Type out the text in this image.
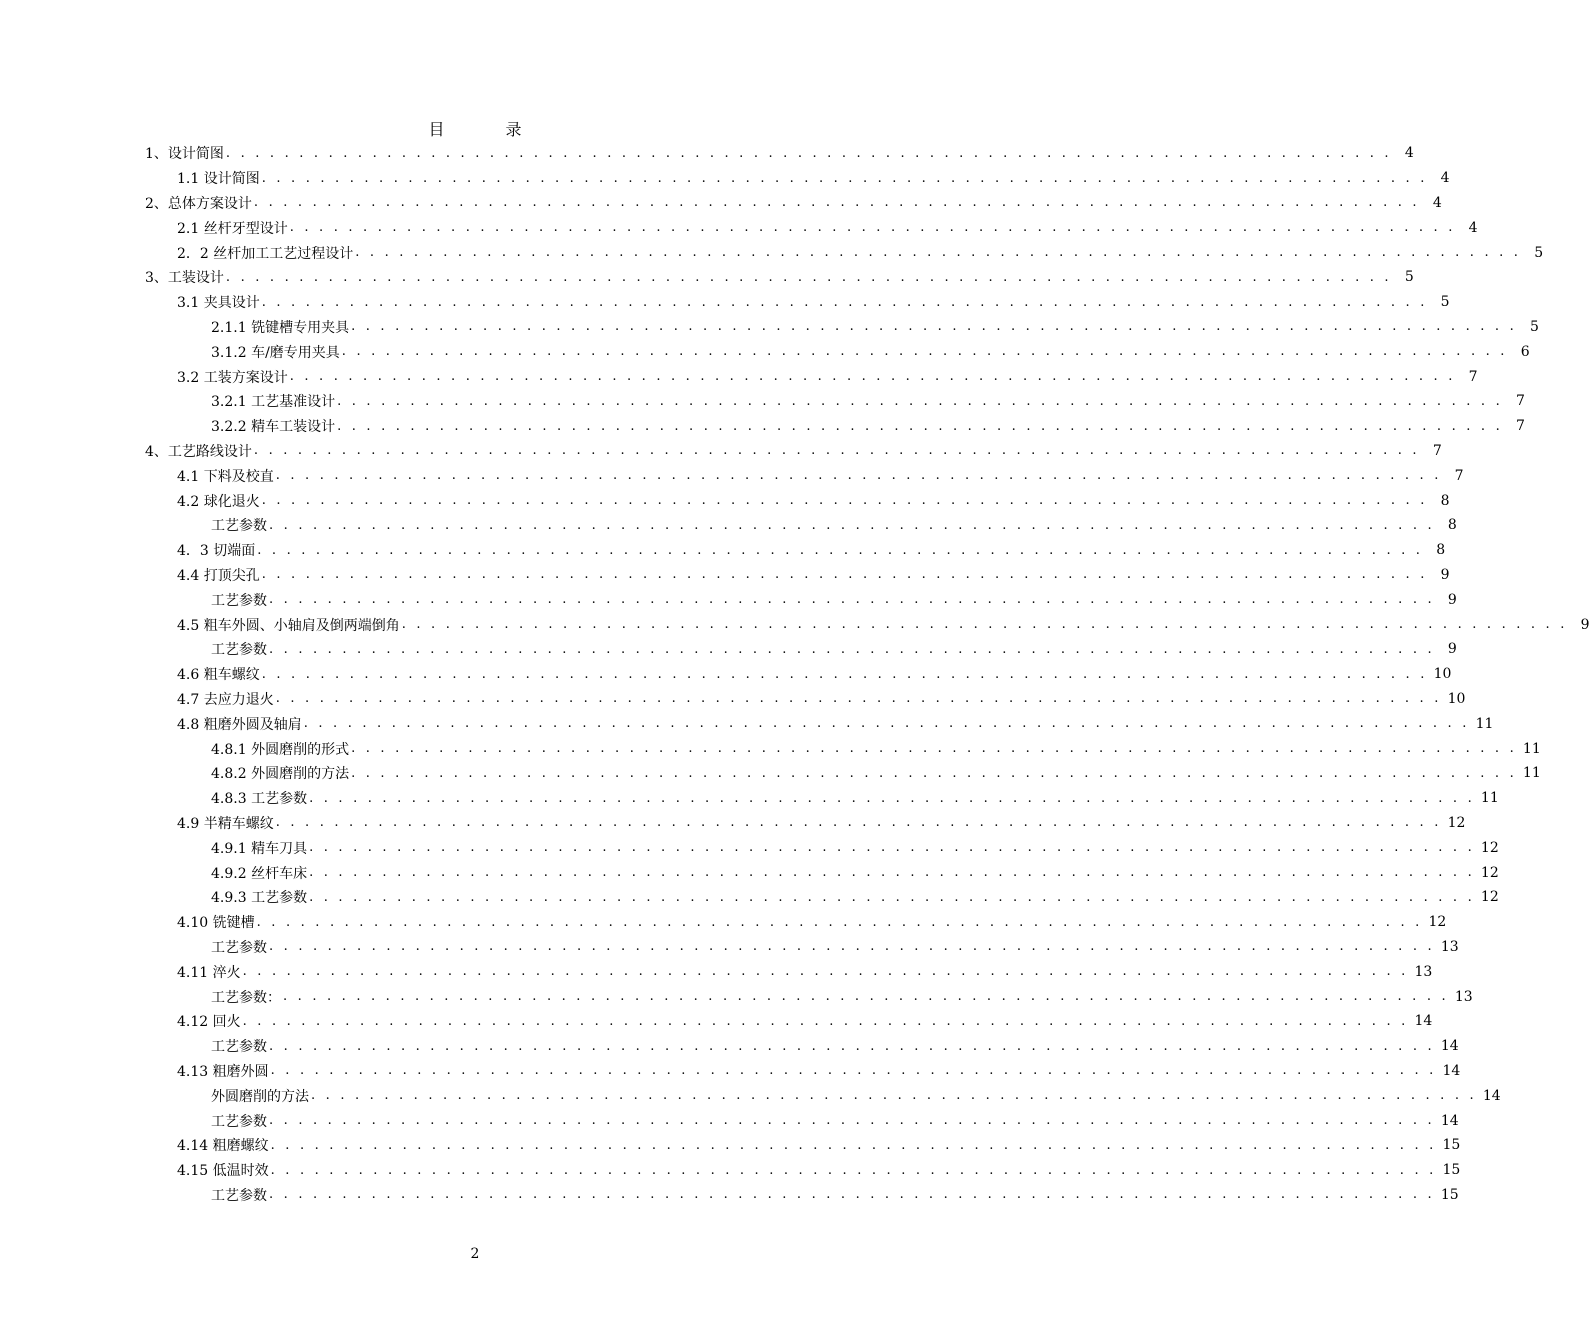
目 录
1、设计简图 . . . . . . . . . . . . . . . . . . . . . . . . . . . . . . . . . . . . . . . . . . . . . . . . . . . . . . . . . . . . . . . . . . . . . . . . . . . . . . . . 4
1.1 设计简图 . . . . . . . . . . . . . . . . . . . . . . . . . . . . . . . . . . . . . . . . . . . . . . . . . . . . . . . . . . . . . . . . . . . . . . . . . . . . . . . . 4
2、总体方案设计 . . . . . . . . . . . . . . . . . . . . . . . . . . . . . . . . . . . . . . . . . . . . . . . . . . . . . . . . . . . . . . . . . . . . . . . . . . . . . . . . 4
2.1 丝杆牙型设计 . . . . . . . . . . . . . . . . . . . . . . . . . . . . . . . . . . . . . . . . . . . . . . . . . . . . . . . . . . . . . . . . . . . . . . . . . . . . . . . . 4
2．2 丝杆加工工艺过程设计 . . . . . . . . . . . . . . . . . . . . . . . . . . . . . . . . . . . . . . . . . . . . . . . . . . . . . . . . . . . . . . . . . . . . . . . . . . . . . . . . 5
3、工装设计 . . . . . . . . . . . . . . . . . . . . . . . . . . . . . . . . . . . . . . . . . . . . . . . . . . . . . . . . . . . . . . . . . . . . . . . . . . . . . . . . 5
3.1 夹具设计 . . . . . . . . . . . . . . . . . . . . . . . . . . . . . . . . . . . . . . . . . . . . . . . . . . . . . . . . . . . . . . . . . . . . . . . . . . . . . . . . 5
2.1.1 铣键槽专用夹具 . . . . . . . . . . . . . . . . . . . . . . . . . . . . . . . . . . . . . . . . . . . . . . . . . . . . . . . . . . . . . . . . . . . . . . . . . . . . . . . . 5
3.1.2 车/磨专用夹具 . . . . . . . . . . . . . . . . . . . . . . . . . . . . . . . . . . . . . . . . . . . . . . . . . . . . . . . . . . . . . . . . . . . . . . . . . . . . . . . . 6
3.2 工装方案设计 . . . . . . . . . . . . . . . . . . . . . . . . . . . . . . . . . . . . . . . . . . . . . . . . . . . . . . . . . . . . . . . . . . . . . . . . . . . . . . . . 7
3.2.1 工艺基准设计 . . . . . . . . . . . . . . . . . . . . . . . . . . . . . . . . . . . . . . . . . . . . . . . . . . . . . . . . . . . . . . . . . . . . . . . . . . . . . . . . 7
3.2.2 精车工装设计 . . . . . . . . . . . . . . . . . . . . . . . . . . . . . . . . . . . . . . . . . . . . . . . . . . . . . . . . . . . . . . . . . . . . . . . . . . . . . . . . 7
4、工艺路线设计 . . . . . . . . . . . . . . . . . . . . . . . . . . . . . . . . . . . . . . . . . . . . . . . . . . . . . . . . . . . . . . . . . . . . . . . . . . . . . . . . 7
4.1 下料及校直 . . . . . . . . . . . . . . . . . . . . . . . . . . . . . . . . . . . . . . . . . . . . . . . . . . . . . . . . . . . . . . . . . . . . . . . . . . . . . . . . 7
4.2 球化退火 . . . . . . . . . . . . . . . . . . . . . . . . . . . . . . . . . . . . . . . . . . . . . . . . . . . . . . . . . . . . . . . . . . . . . . . . . . . . . . . . 8
工艺参数 . . . . . . . . . . . . . . . . . . . . . . . . . . . . . . . . . . . . . . . . . . . . . . . . . . . . . . . . . . . . . . . . . . . . . . . . . . . . . . . . 8
4．3 切端面 . . . . . . . . . . . . . . . . . . . . . . . . . . . . . . . . . . . . . . . . . . . . . . . . . . . . . . . . . . . . . . . . . . . . . . . . . . . . . . . . 8
4.4 打顶尖孔 . . . . . . . . . . . . . . . . . . . . . . . . . . . . . . . . . . . . . . . . . . . . . . . . . . . . . . . . . . . . . . . . . . . . . . . . . . . . . . . . 9
工艺参数 . . . . . . . . . . . . . . . . . . . . . . . . . . . . . . . . . . . . . . . . . . . . . . . . . . . . . . . . . . . . . . . . . . . . . . . . . . . . . . . . 9
4.5 粗车外圆、小轴肩及倒两端倒角 . . . . . . . . . . . . . . . . . . . . . . . . . . . . . . . . . . . . . . . . . . . . . . . . . . . . . . . . . . . . . . . . . . . . . . . . . . . . . . . . 9
工艺参数 . . . . . . . . . . . . . . . . . . . . . . . . . . . . . . . . . . . . . . . . . . . . . . . . . . . . . . . . . . . . . . . . . . . . . . . . . . . . . . . . 9
4.6 粗车螺纹 . . . . . . . . . . . . . . . . . . . . . . . . . . . . . . . . . . . . . . . . . . . . . . . . . . . . . . . . . . . . . . . . . . . . . . . . . . . . . . . . 10
4.7 去应力退火 . . . . . . . . . . . . . . . . . . . . . . . . . . . . . . . . . . . . . . . . . . . . . . . . . . . . . . . . . . . . . . . . . . . . . . . . . . . . . . . . 10
4.8 粗磨外圆及轴肩 . . . . . . . . . . . . . . . . . . . . . . . . . . . . . . . . . . . . . . . . . . . . . . . . . . . . . . . . . . . . . . . . . . . . . . . . . . . . . . . . 11
4.8.1 外圆磨削的形式 . . . . . . . . . . . . . . . . . . . . . . . . . . . . . . . . . . . . . . . . . . . . . . . . . . . . . . . . . . . . . . . . . . . . . . . . . . . . . . . . 11
4.8.2 外圆磨削的方法 . . . . . . . . . . . . . . . . . . . . . . . . . . . . . . . . . . . . . . . . . . . . . . . . . . . . . . . . . . . . . . . . . . . . . . . . . . . . . . . . 11
4.8.3 工艺参数 . . . . . . . . . . . . . . . . . . . . . . . . . . . . . . . . . . . . . . . . . . . . . . . . . . . . . . . . . . . . . . . . . . . . . . . . . . . . . . . . 11
4.9 半精车螺纹 . . . . . . . . . . . . . . . . . . . . . . . . . . . . . . . . . . . . . . . . . . . . . . . . . . . . . . . . . . . . . . . . . . . . . . . . . . . . . . . . 12
4.9.1 精车刀具 . . . . . . . . . . . . . . . . . . . . . . . . . . . . . . . . . . . . . . . . . . . . . . . . . . . . . . . . . . . . . . . . . . . . . . . . . . . . . . . . 12
4.9.2 丝杆车床 . . . . . . . . . . . . . . . . . . . . . . . . . . . . . . . . . . . . . . . . . . . . . . . . . . . . . . . . . . . . . . . . . . . . . . . . . . . . . . . . 12
4.9.3 工艺参数 . . . . . . . . . . . . . . . . . . . . . . . . . . . . . . . . . . . . . . . . . . . . . . . . . . . . . . . . . . . . . . . . . . . . . . . . . . . . . . . . 12
4.10 铣键槽 . . . . . . . . . . . . . . . . . . . . . . . . . . . . . . . . . . . . . . . . . . . . . . . . . . . . . . . . . . . . . . . . . . . . . . . . . . . . . . . . 12
工艺参数 . . . . . . . . . . . . . . . . . . . . . . . . . . . . . . . . . . . . . . . . . . . . . . . . . . . . . . . . . . . . . . . . . . . . . . . . . . . . . . . . 13
4.11 淬火 . . . . . . . . . . . . . . . . . . . . . . . . . . . . . . . . . . . . . . . . . . . . . . . . . . . . . . . . . . . . . . . . . . . . . . . . . . . . . . . . 13
工艺参数： . . . . . . . . . . . . . . . . . . . . . . . . . . . . . . . . . . . . . . . . . . . . . . . . . . . . . . . . . . . . . . . . . . . . . . . . . . . . . . . . 13
4.12 回火 . . . . . . . . . . . . . . . . . . . . . . . . . . . . . . . . . . . . . . . . . . . . . . . . . . . . . . . . . . . . . . . . . . . . . . . . . . . . . . . . 14
工艺参数 . . . . . . . . . . . . . . . . . . . . . . . . . . . . . . . . . . . . . . . . . . . . . . . . . . . . . . . . . . . . . . . . . . . . . . . . . . . . . . . . 14
4.13 粗磨外圆 . . . . . . . . . . . . . . . . . . . . . . . . . . . . . . . . . . . . . . . . . . . . . . . . . . . . . . . . . . . . . . . . . . . . . . . . . . . . . . . . 14
外圆磨削的方法 . . . . . . . . . . . . . . . . . . . . . . . . . . . . . . . . . . . . . . . . . . . . . . . . . . . . . . . . . . . . . . . . . . . . . . . . . . . . . . . . 14
工艺参数 . . . . . . . . . . . . . . . . . . . . . . . . . . . . . . . . . . . . . . . . . . . . . . . . . . . . . . . . . . . . . . . . . . . . . . . . . . . . . . . . 14
4.14 粗磨螺纹 . . . . . . . . . . . . . . . . . . . . . . . . . . . . . . . . . . . . . . . . . . . . . . . . . . . . . . . . . . . . . . . . . . . . . . . . . . . . . . . . 15
4.15 低温时效 . . . . . . . . . . . . . . . . . . . . . . . . . . . . . . . . . . . . . . . . . . . . . . . . . . . . . . . . . . . . . . . . . . . . . . . . . . . . . . . . 15
工艺参数 . . . . . . . . . . . . . . . . . . . . . . . . . . . . . . . . . . . . . . . . . . . . . . . . . . . . . . . . . . . . . . . . . . . . . . . . . . . . . . . . 15
2
